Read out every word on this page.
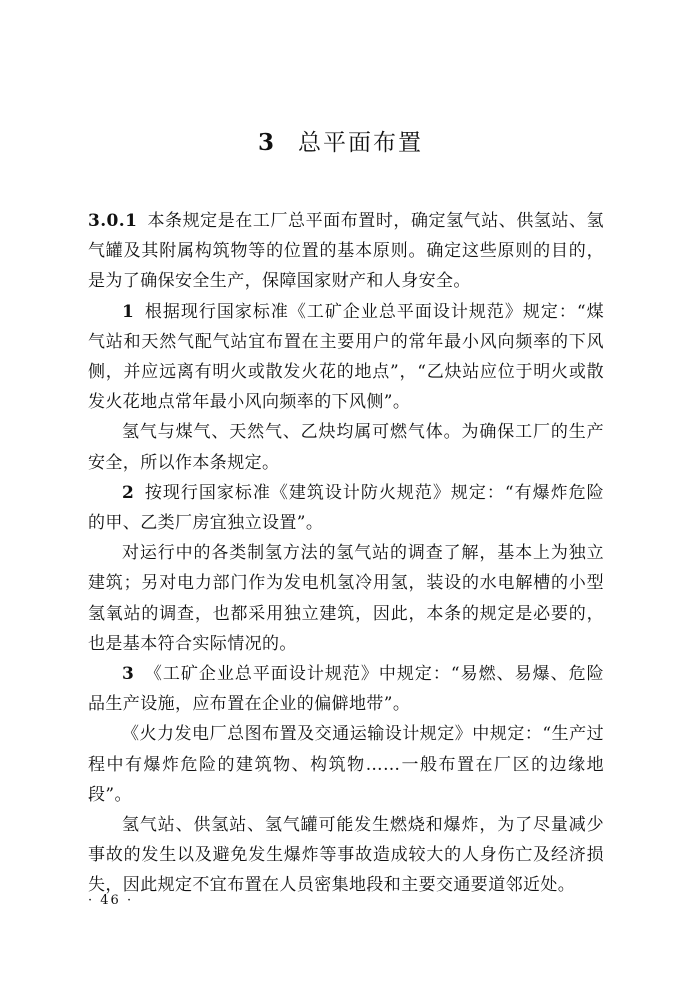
3 总平面布置

3.0.1 本条规定是在工厂总平面布置时，确定氢气站、供氢站、氢气罐及其附属构筑物等的位置的基本原则。确定这些原则的目的，是为了确保安全生产，保障国家财产和人身安全。

1 根据现行国家标准《工矿企业总平面设计规范》规定：“煤气站和天然气配气站宜布置在主要用户的常年最小风向频率的下风侧，并应远离有明火或散发火花的地点”，“乙炔站应位于明火或散发火花地点常年最小风向频率的下风侧”。

氢气与煤气、天然气、乙炔均属可燃气体。为确保工厂的生产安全，所以作本条规定。

2 按现行国家标准《建筑设计防火规范》规定：“有爆炸危险的甲、乙类厂房宜独立设置”。

对运行中的各类制氢方法的氢气站的调查了解，基本上为独立建筑；另对电力部门作为发电机氢冷用氢，装设的水电解槽的小型氢氧站的调查，也都采用独立建筑，因此，本条的规定是必要的，也是基本符合实际情况的。

3 《工矿企业总平面设计规范》中规定：“易燃、易爆、危险品生产设施，应布置在企业的偏僻地带”。

《火力发电厂总图布置及交通运输设计规定》中规定：“生产过程中有爆炸危险的建筑物、构筑物……一般布置在厂区的边缘地段”。

氢气站、供氢站、氢气罐可能发生燃烧和爆炸，为了尽量减少事故的发生以及避免发生爆炸等事故造成较大的人身伤亡及经济损失，因此规定不宜布置在人员密集地段和主要交通要道邻近处。

· 46 ·
